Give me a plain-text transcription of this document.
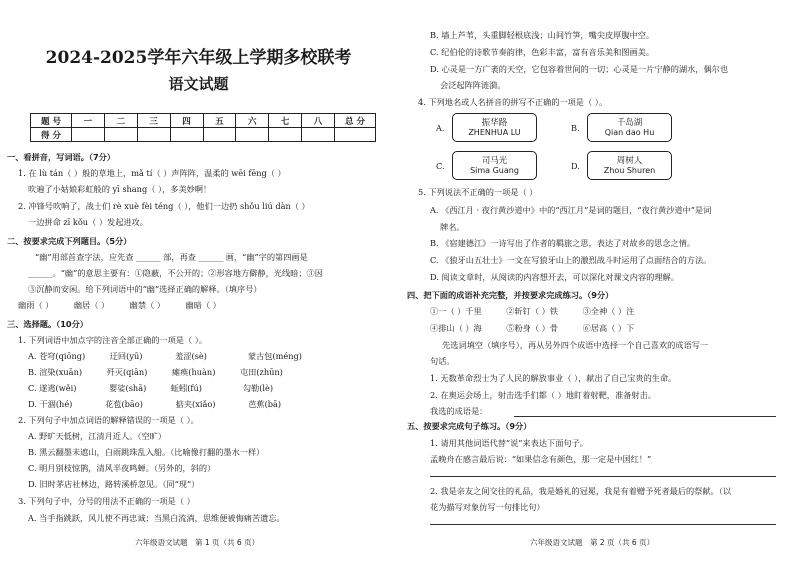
2024-2025学年六年级上学期多校联考
语文试题
题 号	一	二	三	四	五	六	七	八	总 分
得 分									
一、看拼音，写词语。（7分）
1. 在 lù tán（ ）般的草地上，mǎ tí（ ）声阵阵，温柔的 wēi fēng（ ）
吹遍了小姑娘彩虹般的 yī shang（ ），多美妙啊！
2. 冲锋号吹响了，战士们 rè xuè fèi téng（ ），他们一边扔 shǒu liú dàn（ ）
一边拼命 zī kǒu（ ）发起进攻。
二、按要求完成下列题目。（5分）
“幽”用部首查字法，应先查 ______ 部，再查 ______ 画，“幽”字的第四画是
______。“幽”的意思主要有：①隐蔽，不公开的；②形容地方僻静，光线暗；③因
③沉静而安闲。给下列词语中的“幽”选择正确的解释。（填序号）
幽雨（ ）　　　幽居（ ）　　　幽禁（ ）　　　幽暗（ ）
三、选择题。（10分）
1. 下列词语中加点字的注音全部正确的一项是（ ）。
A. 苍穹(qiōng)　　　迂回(yū)　　　　羞涩(sè)　　　　　蒙古包(méng)
B. 渲染(xuān)　　　歼灭(qiān)　　　瘫痪(huàn)　　　屯田(zhūn)
C. 遂逃(wěi)　　　　婴娑(shā)　　　蚯蚓(fú)　　　　　勾勒(lè)
D. 干涸(hé)　　　　花苞(bāo)　　　　掂夹(xiǎo)　　　　芭蕉(bā)
2. 下列句子中加点词语的解释错误的一项是（ ）。
A. 野旷天低树，江清月近人。（空旷）
B. 黑云翻墨未遮山，白雨跳珠乱入船。（比喻像打翻的墨水一样）
C. 明月别枝惊鹊，清风半夜鸣蝉。（另外的，斜的）
D. 旧时茅店社林边，路转溪桥忽见。（同“现”）
3. 下列句子中，分号的用法不正确的一项是（ ）
A. 当手指跳跃，风儿使不再忠诚；当黑白流淌，思维便被悔痛苦遗忘。
六年级语文试题　第 1 页（共 6 页）
B. 墙上芦苇，头重脚轻根底浅；山间竹笋，嘴尖皮厚腹中空。
C. 纪伯伦的诗歌节奏韵律，色彩丰富，富有音乐美和图画美。
D. 心灵是一方广袤的天空，它包容着世间的一切；心灵是一片宁静的湖水，偶尔也
会泛起阵阵涟漪。
4. 下列地名或人名拼音的拼写不正确的一项是（ ）。
A.	振华路
ZHENHUA LU	B.	千岛湖
Qian dao Hu
C.	司马光
Sima Guang	D.	周树人
Zhou Shuren
5. 下列说法不正确的一项是（ ）
A. 《西江月 · 夜行黄沙道中》中的“西江月”是词的题目，“夜行黄沙道中”是词
牌名。
B. 《宿建德江》一诗写出了作者的羁旅之思，表达了对故乡的思念之情。
C. 《狼牙山五壮士》一文在写狼牙山上的激烈战斗时运用了点面结合的方法。
D. 阅读文章时，从阅读的内容想开去，可以深化对课文内容的理解。
四、把下面的成语补充完整，并按要求完成练习。（9分）
①一（ ）千里　　　②斩钉（ ）铁　　　③全神（ ）注
④排山（ ）海　　　⑤粉身（ ）骨　　　⑥居高（ ）下
先选词填空（填序号），再从另外四个成语中选择一个自己喜欢的成语写一
句话。
1. 无数革命烈士为了人民的解放事业（ ），献出了自己宝贵的生命。
2. 在奥运会场上，射击选手们都（ ）地盯着射靶，准备射击。
我选的成语是：
五、按要求完成句子练习。（9分）
1. 请用其他词语代替“说”来表达下面句子。
孟晚舟在感言最后说：“如果信念有颜色，那一定是中国红！”
2. 我是亲友之间交往的礼品，我是婚礼的冠冕，我是有着赠予死者最后的祭献。（以
花为描写对象仿写一句排比句）
六年级语文试题　第 2 页（共 6 页）
